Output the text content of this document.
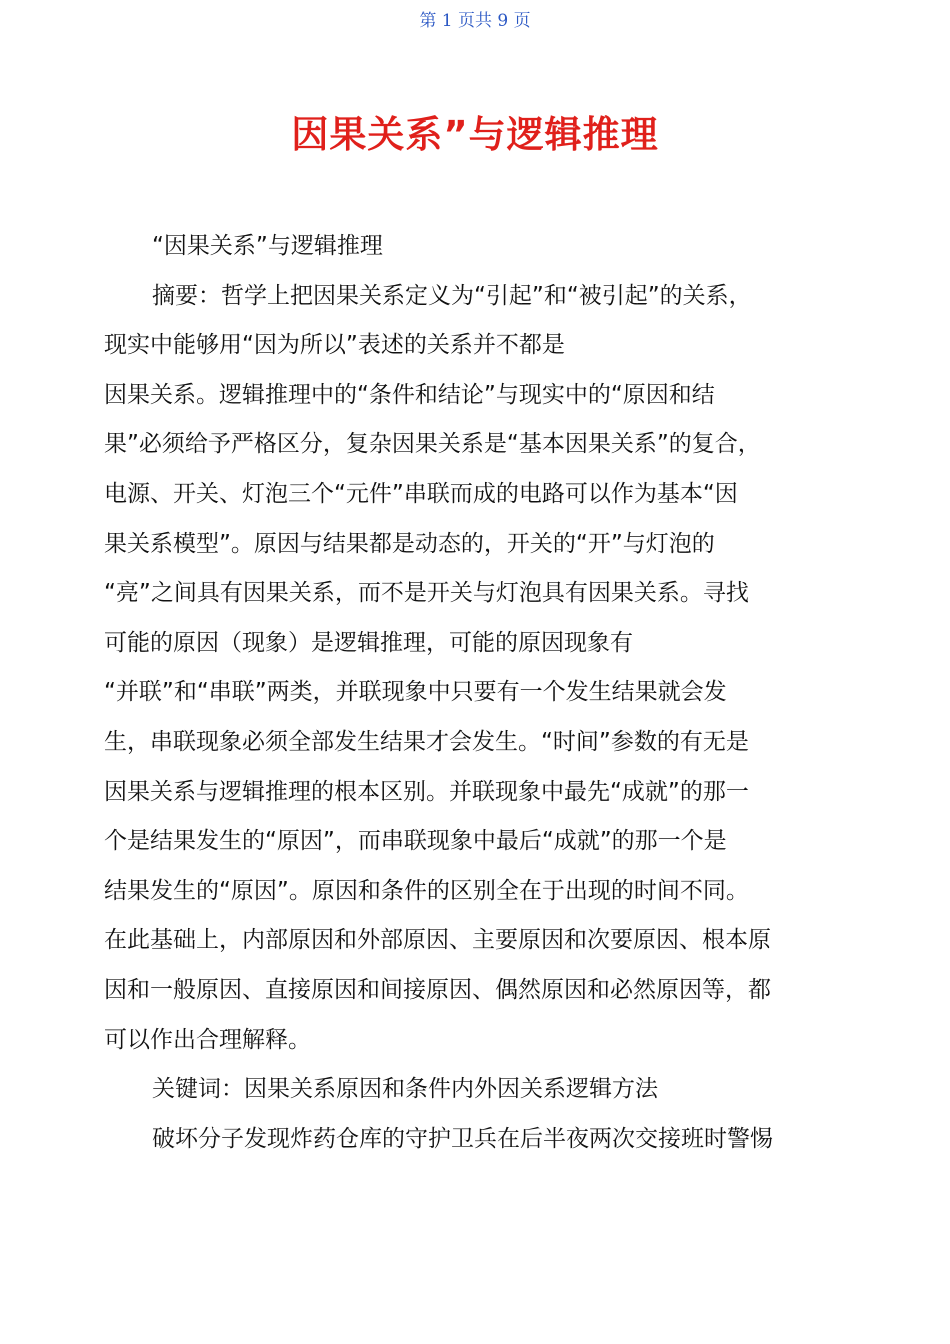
第 1 页共 9 页
因果关系”与逻辑推理
“因果关系”与逻辑推理
摘要：哲学上把因果关系定义为“引起”和“被引起”的关系，
现实中能够用“因为所以”表述的关系并不都是
因果关系。逻辑推理中的“条件和结论”与现实中的“原因和结
果”必须给予严格区分，复杂因果关系是“基本因果关系”的复合，
电源、开关、灯泡三个“元件”串联而成的电路可以作为基本“因
果关系模型”。原因与结果都是动态的，开关的“开”与灯泡的
“亮”之间具有因果关系，而不是开关与灯泡具有因果关系。寻找
可能的原因（现象）是逻辑推理，可能的原因现象有
“并联”和“串联”两类，并联现象中只要有一个发生结果就会发
生，串联现象必须全部发生结果才会发生。“时间”参数的有无是
因果关系与逻辑推理的根本区别。并联现象中最先“成就”的那一
个是结果发生的“原因”，而串联现象中最后“成就”的那一个是
结果发生的“原因”。原因和条件的区别全在于出现的时间不同。
在此基础上，内部原因和外部原因、主要原因和次要原因、根本原
因和一般原因、直接原因和间接原因、偶然原因和必然原因等，都
可以作出合理解释。
关键词：因果关系原因和条件内外因关系逻辑方法
破坏分子发现炸药仓库的守护卫兵在后半夜两次交接班时警惕
